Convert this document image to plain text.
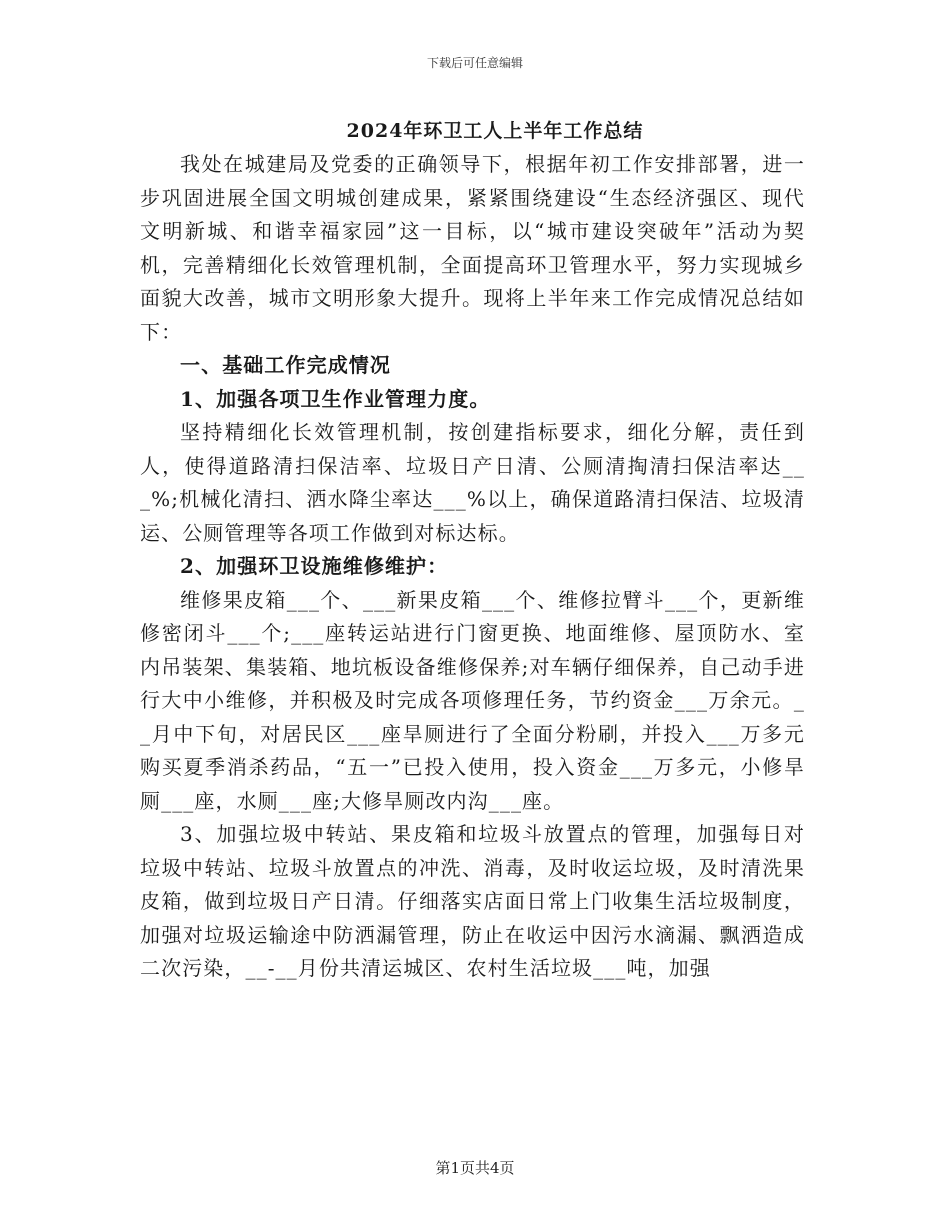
下载后可任意编辑
2024年环卫工人上半年工作总结

我处在城建局及党委的正确领导下，根据年初工作安排部署，进一步巩固进展全国文明城创建成果，紧紧围绕建设“生态经济强区、现代文明新城、和谐幸福家园”这一目标，以“城市建设突破年”活动为契机，完善精细化长效管理机制，全面提高环卫管理水平，努力实现城乡面貌大改善，城市文明形象大提升。现将上半年来工作完成情况总结如下：

一、基础工作完成情况

1、加强各项卫生作业管理力度。

坚持精细化长效管理机制，按创建指标要求，细化分解，责任到人，使得道路清扫保洁率、垃圾日产日清、公厕清掏清扫保洁率达___%;机械化清扫、洒水降尘率达___%以上，确保道路清扫保洁、垃圾清运、公厕管理等各项工作做到对标达标。

2、加强环卫设施维修维护：

维修果皮箱___个、___新果皮箱___个、维修拉臂斗___个，更新维修密闭斗___个;___座转运站进行门窗更换、地面维修、屋顶防水、室内吊装架、集装箱、地坑板设备维修保养;对车辆仔细保养，自己动手进行大中小维修，并积极及时完成各项修理任务，节约资金___万余元。__月中下旬，对居民区___座旱厕进行了全面分粉刷，并投入___万多元购买夏季消杀药品，“五一”已投入使用，投入资金___万多元，小修旱厕___座，水厕___座;大修旱厕改内沟___座。

3、加强垃圾中转站、果皮箱和垃圾斗放置点的管理，加强每日对垃圾中转站、垃圾斗放置点的冲洗、消毒，及时收运垃圾，及时清洗果皮箱，做到垃圾日产日清。仔细落实店面日常上门收集生活垃圾制度，加强对垃圾运输途中防洒漏管理，防止在收运中因污水滴漏、飘洒造成二次污染，__-__月份共清运城区、农村生活垃圾___吨，加强

第1页共4页
